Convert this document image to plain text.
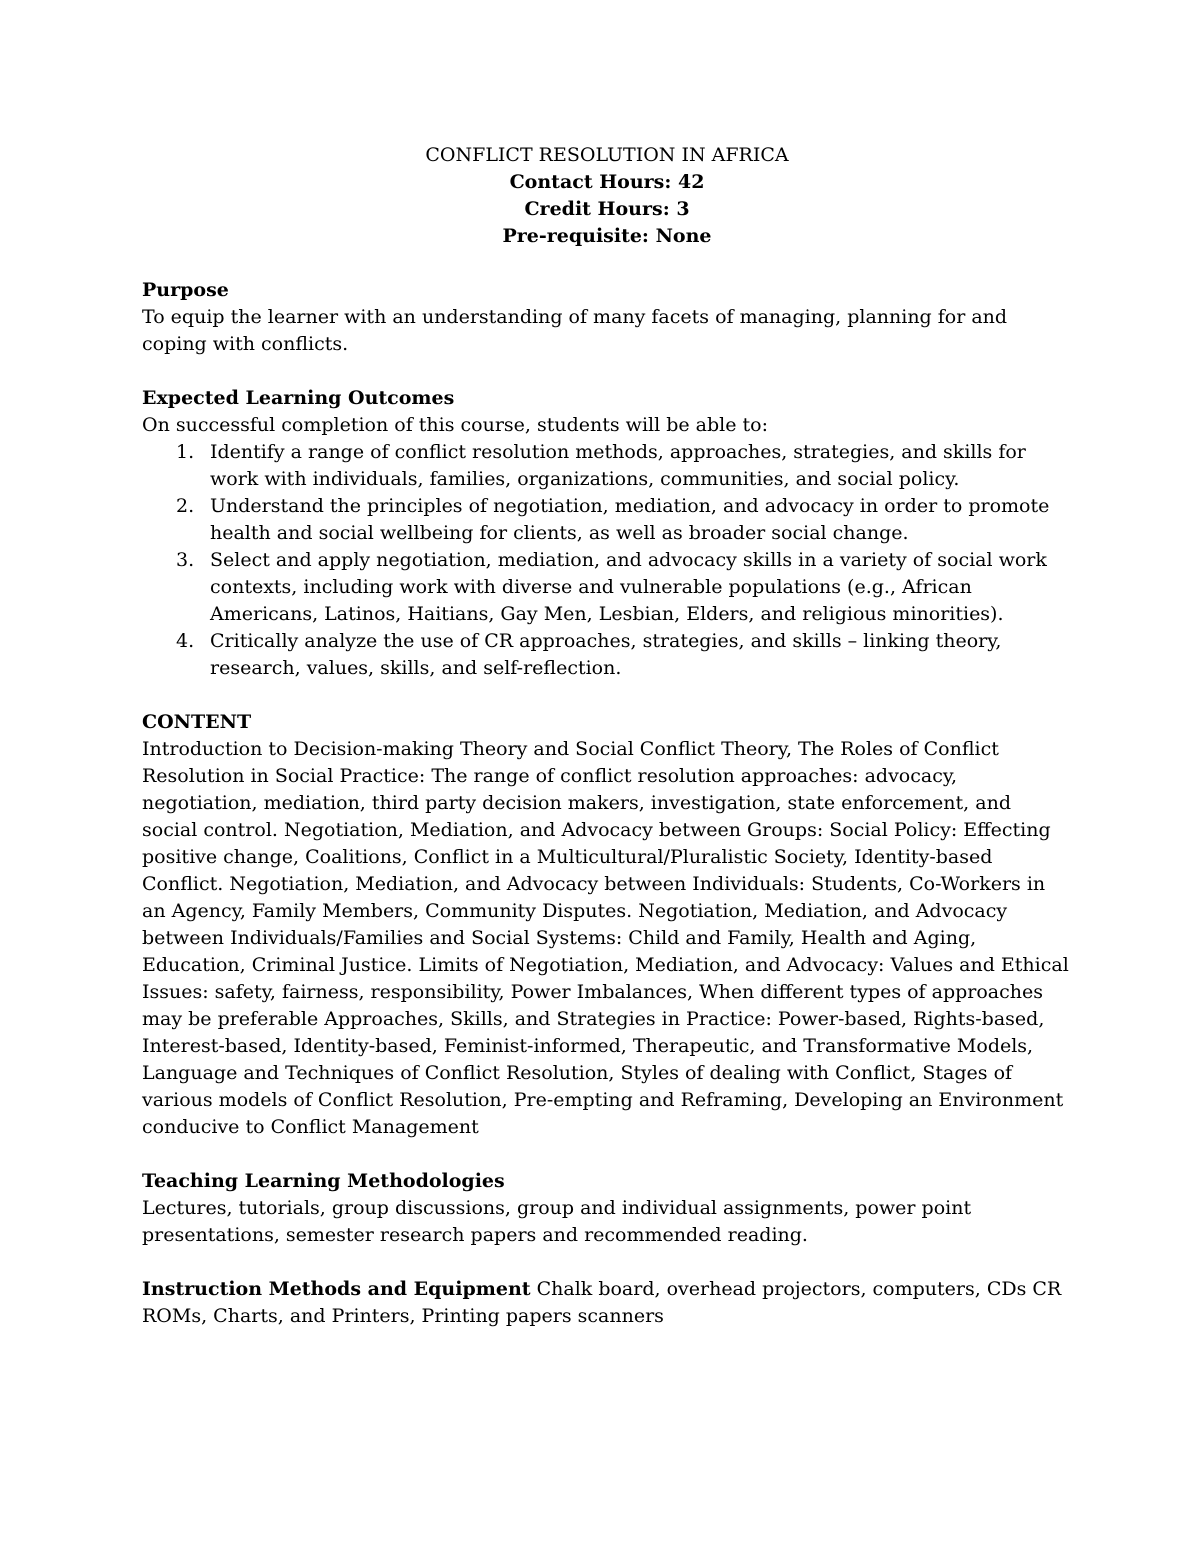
CONFLICT RESOLUTION IN AFRICA
Contact Hours: 42
Credit Hours: 3
Pre-requisite: None
Purpose

To equip the learner with an understanding of many facets of managing, planning for and coping with conflicts.

Expected Learning Outcomes

On successful completion of this course, students will be able to:

1. Identify a range of conflict resolution methods, approaches, strategies, and skills for work with individuals, families, organizations, communities, and social policy.
2. Understand the principles of negotiation, mediation, and advocacy in order to promote health and social wellbeing for clients, as well as broader social change.
3. Select and apply negotiation, mediation, and advocacy skills in a variety of social work contexts, including work with diverse and vulnerable populations (e.g., African Americans, Latinos, Haitians, Gay Men, Lesbian, Elders, and religious minorities).
4. Critically analyze the use of CR approaches, strategies, and skills – linking theory, research, values, skills, and self-reflection.
CONTENT

Introduction to Decision-making Theory and Social Conflict Theory, The Roles of Conflict Resolution in Social Practice: The range of conflict resolution approaches: advocacy, negotiation, mediation, third party decision makers, investigation, state enforcement, and social control. Negotiation, Mediation, and Advocacy between Groups: Social Policy: Effecting positive change, Coalitions, Conflict in a Multicultural/Pluralistic Society, Identity-based Conflict. Negotiation, Mediation, and Advocacy between Individuals: Students, Co-Workers in an Agency, Family Members, Community Disputes. Negotiation, Mediation, and Advocacy between Individuals/Families and Social Systems: Child and Family, Health and Aging, Education, Criminal Justice. Limits of Negotiation, Mediation, and Advocacy: Values and Ethical Issues: safety, fairness, responsibility, Power Imbalances, When different types of approaches may be preferable Approaches, Skills, and Strategies in Practice: Power-based, Rights-based, Interest-based, Identity-based, Feminist-informed, Therapeutic, and Transformative Models, Language and Techniques of Conflict Resolution, Styles of dealing with Conflict, Stages of various models of Conflict Resolution, Pre-empting and Reframing, Developing an Environment conducive to Conflict Management

Teaching Learning Methodologies

Lectures, tutorials, group discussions, group and individual assignments, power point presentations, semester research papers and recommended reading.

Instruction Methods and Equipment Chalk board, overhead projectors, computers, CDs CR ROMs, Charts, and Printers, Printing papers scanners
